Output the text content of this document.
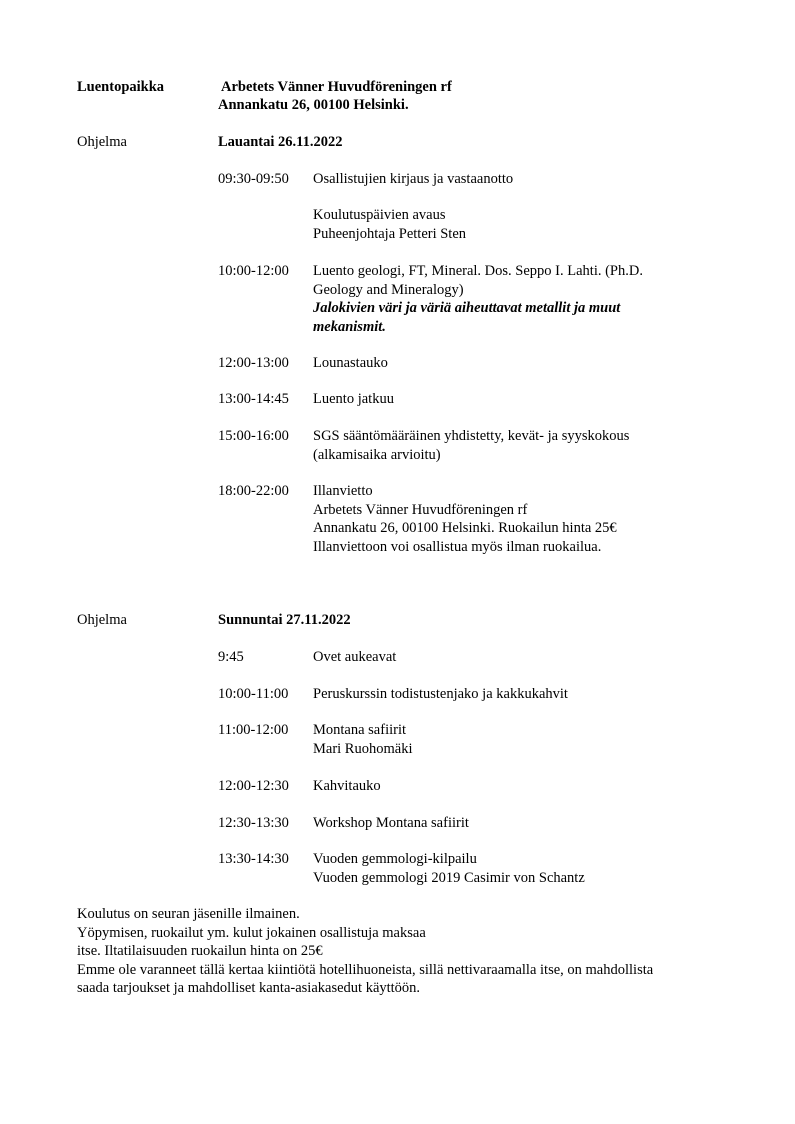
Luentopaikka	Arbetets Vänner Huvudföreningen rf
Annankatu 26, 00100 Helsinki.
Ohjelma	Lauantai 26.11.2022
09:30-09:50 Osallistujien kirjaus ja vastaanotto
Koulutuspäivien avaus
Puheenjohtaja Petteri Sten
10:00-12:00 Luento geologi, FT, Mineral. Dos. Seppo I. Lahti. (Ph.D.
Geology and Mineralogy)
Jalokivien väri ja väriä aiheuttavat metallit ja muut
mekanismit.
12:00-13:00 Lounastauko
13:00-14:45 Luento jatkuu
15:00-16:00 SGS sääntömääräinen yhdistetty, kevät- ja syyskokous
(alkamisaika arvioitu)
18:00-22:00 Illanvietto
Arbetets Vänner Huvudföreningen rf
Annankatu 26, 00100 Helsinki. Ruokailun hinta 25€
Illanviettoon voi osallistua myös ilman ruokailua.
Ohjelma	Sunnuntai 27.11.2022
9:45	Ovet aukeavat
10:00-11:00 Peruskurssin todistustenjako ja kakkukahvit
11:00-12:00 Montana safiirit
Mari Ruohomäki
12:00-12:30 Kahvitauko
12:30-13:30 Workshop Montana safiirit
13:30-14:30 Vuoden gemmologi-kilpailu
Vuoden gemmologi 2019 Casimir von Schantz
Koulutus on seuran jäsenille ilmainen.
Yöpymisen, ruokailut ym. kulut jokainen osallistuja maksaa
itse. Iltatilaisuuden ruokailun hinta on 25€
Emme ole varanneet tällä kertaa kiintiötä hotellihuoneista, sillä nettivaraamalla itse, on mahdollista
saada tarjoukset ja mahdolliset kanta-asiakasedut käyttöön.
